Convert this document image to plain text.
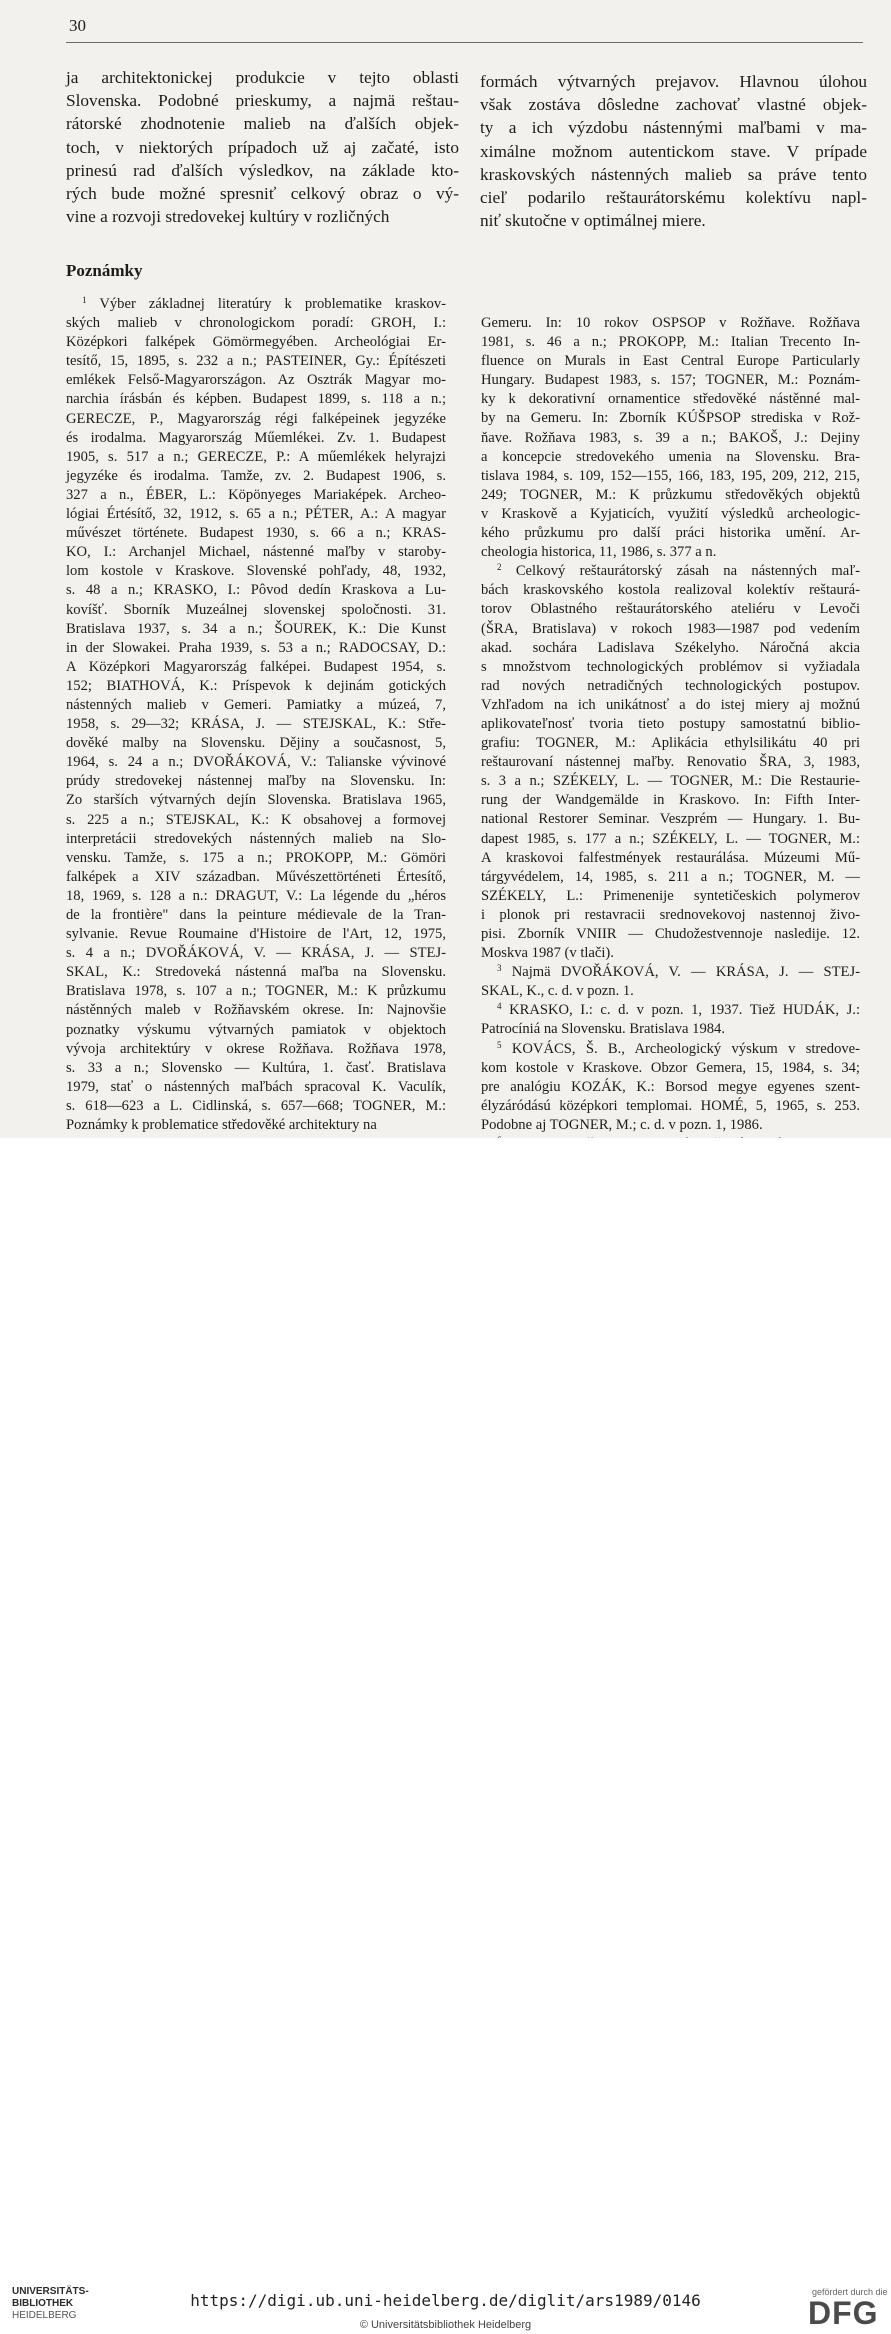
30
ja architektonickej produkcie v tejto oblasti
Slovenska. Podobné prieskumy, a najmä reštau-
rátorské zhodnotenie malieb na ďalších objek-
toch, v niektorých prípadoch už aj začaté, isto
prinesú rad ďalších výsledkov, na základe kto-
rých bude možné spresniť celkový obraz o vý-
vine a rozvoji stredovekej kultúry v rozličných
formách výtvarných prejavov. Hlavnou úlohou
však zostáva dôsledne zachovať vlastné objek-
ty a ich výzdobu nástennými maľbami v ma-
ximálne možnom autentickom stave. V prípade
kraskovských nástenných malieb sa práve tento
cieľ podarilo reštaurátorskému kolektívu napl-
niť skutočne v optimálnej miere.
Poznámky
$^1$ Výber základnej literatúry k problematike kraskov-
ských malieb v chronologickom poradí: GROH, I.:
Középkori falképek Gömörmegyében. Archeológiai Er-
tesítő, 15, 1895, s. 232 a n.; PASTEINER, Gy.: Építészeti
emlékek Felső-Magyarországon. Az Osztrák Magyar mo-
narchia írásbán és képben. Budapest 1899, s. 118 a n.;
GERECZE, P., Magyarország régi falképeinek jegyzéke
és irodalma. Magyarország Műemlékei. Zv. 1. Budapest
1905, s. 517 a n.; GERECZE, P.: A műemlékek helyrajzi
jegyzéke és irodalma. Tamže, zv. 2. Budapest 1906, s.
327 a n., ÉBER, L.: Köpönyeges Mariaképek. Archeo-
lógiai Értésítő, 32, 1912, s. 65 a n.; PÉTER, A.: A magyar
művészet története. Budapest 1930, s. 66 a n.; KRAS-
KO, I.: Archanjel Michael, nástenné maľby v staroby-
lom kostole v Kraskove. Slovenské pohľady, 48, 1932,
s. 48 a n.; KRASKO, I.: Pôvod dedín Kraskova a Lu-
kovíšť. Sborník Muzeálnej slovenskej spoločnosti. 31.
Bratislava 1937, s. 34 a n.; ŠOUREK, K.: Die Kunst
in der Slowakei. Praha 1939, s. 53 a n.; RADOCSAY, D.:
A Középkori Magyarország falképei. Budapest 1954, s.
152; BIATHOVÁ, K.: Príspevok k dejinám gotických
nástenných malieb v Gemeri. Pamiatky a múzeá, 7,
1958, s. 29—32; KRÁSA, J. — STEJSKAL, K.: Stře-
dověké malby na Slovensku. Dějiny a současnost, 5,
1964, s. 24 a n.; DVOŘÁKOVÁ, V.: Talianske vývinové
prúdy stredovekej nástennej maľby na Slovensku. In:
Zo starších výtvarných dejín Slovenska. Bratislava 1965,
s. 225 a n.; STEJSKAL, K.: K obsahovej a formovej
interpretácii stredovekých nástenných malieb na Slo-
vensku. Tamže, s. 175 a n.; PROKOPP, M.: Gömöri
falképek a XIV században. Művészettörténeti Értesítő,
18, 1969, s. 128 a n.: DRAGUT, V.: La légende du „héros
de la frontière" dans la peinture médievale de la Tran-
sylvanie. Revue Roumaine d'Histoire de l'Art, 12, 1975,
s. 4 a n.; DVOŘÁKOVÁ, V. — KRÁSA, J. — STEJ-
SKAL, K.: Stredoveká nástenná maľba na Slovensku.
Bratislava 1978, s. 107 a n.; TOGNER, M.: K průzkumu
nástěnných maleb v Rožňavském okrese. In: Najnovšie
poznatky výskumu výtvarných pamiatok v objektoch
vývoja architektúry v okrese Rožňava. Rožňava 1978,
s. 33 a n.; Slovensko — Kultúra, 1. časť. Bratislava
1979, stať o nástenných maľbách spracoval K. Vaculík,
s. 618—623 a L. Cidlinská, s. 657—668; TOGNER, M.:
Poznámky k problematice středověké architektury na
Gemeru. In: 10 rokov OSPSOP v Rožňave. Rožňava
1981, s. 46 a n.; PROKOPP, M.: Italian Trecento In-
fluence on Murals in East Central Europe Particularly
Hungary. Budapest 1983, s. 157; TOGNER, M.: Poznám-
ky k dekorativní ornamentice středověké nástěnné mal-
by na Gemeru. In: Zborník KÚŠPSOP strediska v Rož-
ňave. Rožňava 1983, s. 39 a n.; BAKOŠ, J.: Dejiny
a koncepcie stredovekého umenia na Slovensku. Bra-
tislava 1984, s. 109, 152—155, 166, 183, 195, 209, 212, 215,
249; TOGNER, M.: K průzkumu středověkých objektů
v Kraskově a Kyjaticích, využití výsledků archeologic-
kého průzkumu pro další práci historika umění. Ar-
cheologia historica, 11, 1986, s. 377 a n.
$^2$ Celkový reštaurátorský zásah na nástenných maľ-
bách kraskovského kostola realizoval kolektív reštaurá-
torov Oblastného reštaurátorského ateliéru v Levoči
(ŠRA, Bratislava) v rokoch 1983—1987 pod vedením
akad. sochára Ladislava Székelyho. Náročná akcia
s množstvom technologických problémov si vyžiadala
rad nových netradičných technologických postupov.
Vzhľadom na ich unikátnosť a do istej miery aj možnú
aplikovateľnosť tvoria tieto postupy samostatnú biblio-
grafiu: TOGNER, M.: Aplikácia ethylsilikátu 40 pri
reštaurovaní nástennej maľby. Renovatio ŠRA, 3, 1983,
s. 3 a n.; SZÉKELY, L. — TOGNER, M.: Die Restaurie-
rung der Wandgemälde in Kraskovo. In: Fifth Inter-
national Restorer Seminar. Veszprém — Hungary. 1. Bu-
dapest 1985, s. 177 a n.; SZÉKELY, L. — TOGNER, M.:
A kraskovoi falfestmények restaurálása. Múzeumi Mű-
tárgyvédelem, 14, 1985, s. 211 a n.; TOGNER, M. —
SZÉKELY, L.: Primenenije syntetičeskich polymerov
i plonok pri restavracii srednovekovoj nastennoj živo-
pisi. Zborník VNIIR — Chudožestvennoje nasledije. 12.
Moskva 1987 (v tlači).
$^3$ Najmä DVOŘÁKOVÁ, V. — KRÁSA, J. — STEJ-
SKAL, K., c. d. v pozn. 1.
$^4$ KRASKO, I.: c. d. v pozn. 1, 1937. Tiež HUDÁK, J.:
Patrocíniá na Slovensku. Bratislava 1984.
$^5$ KOVÁCS, Š. B., Archeologický výskum v stredove-
kom kostole v Kraskove. Obzor Gemera, 15, 1984, s. 34;
pre analógiu KOZÁK, K.: Borsod megye egyenes szent-
élyzáródású középkori templomai. HOMÉ, 5, 1965, s. 253.
Podobne aj TOGNER, M.; c. d. v pozn. 1, 1986.
UNIVERSITÄTS-
BIBLIOTHEK
HEIDELBERG
https://digi.ub.uni-heidelberg.de/diglit/ars1989/0146
© Universitätsbibliothek Heidelberg
gefördert durch die
DFG
